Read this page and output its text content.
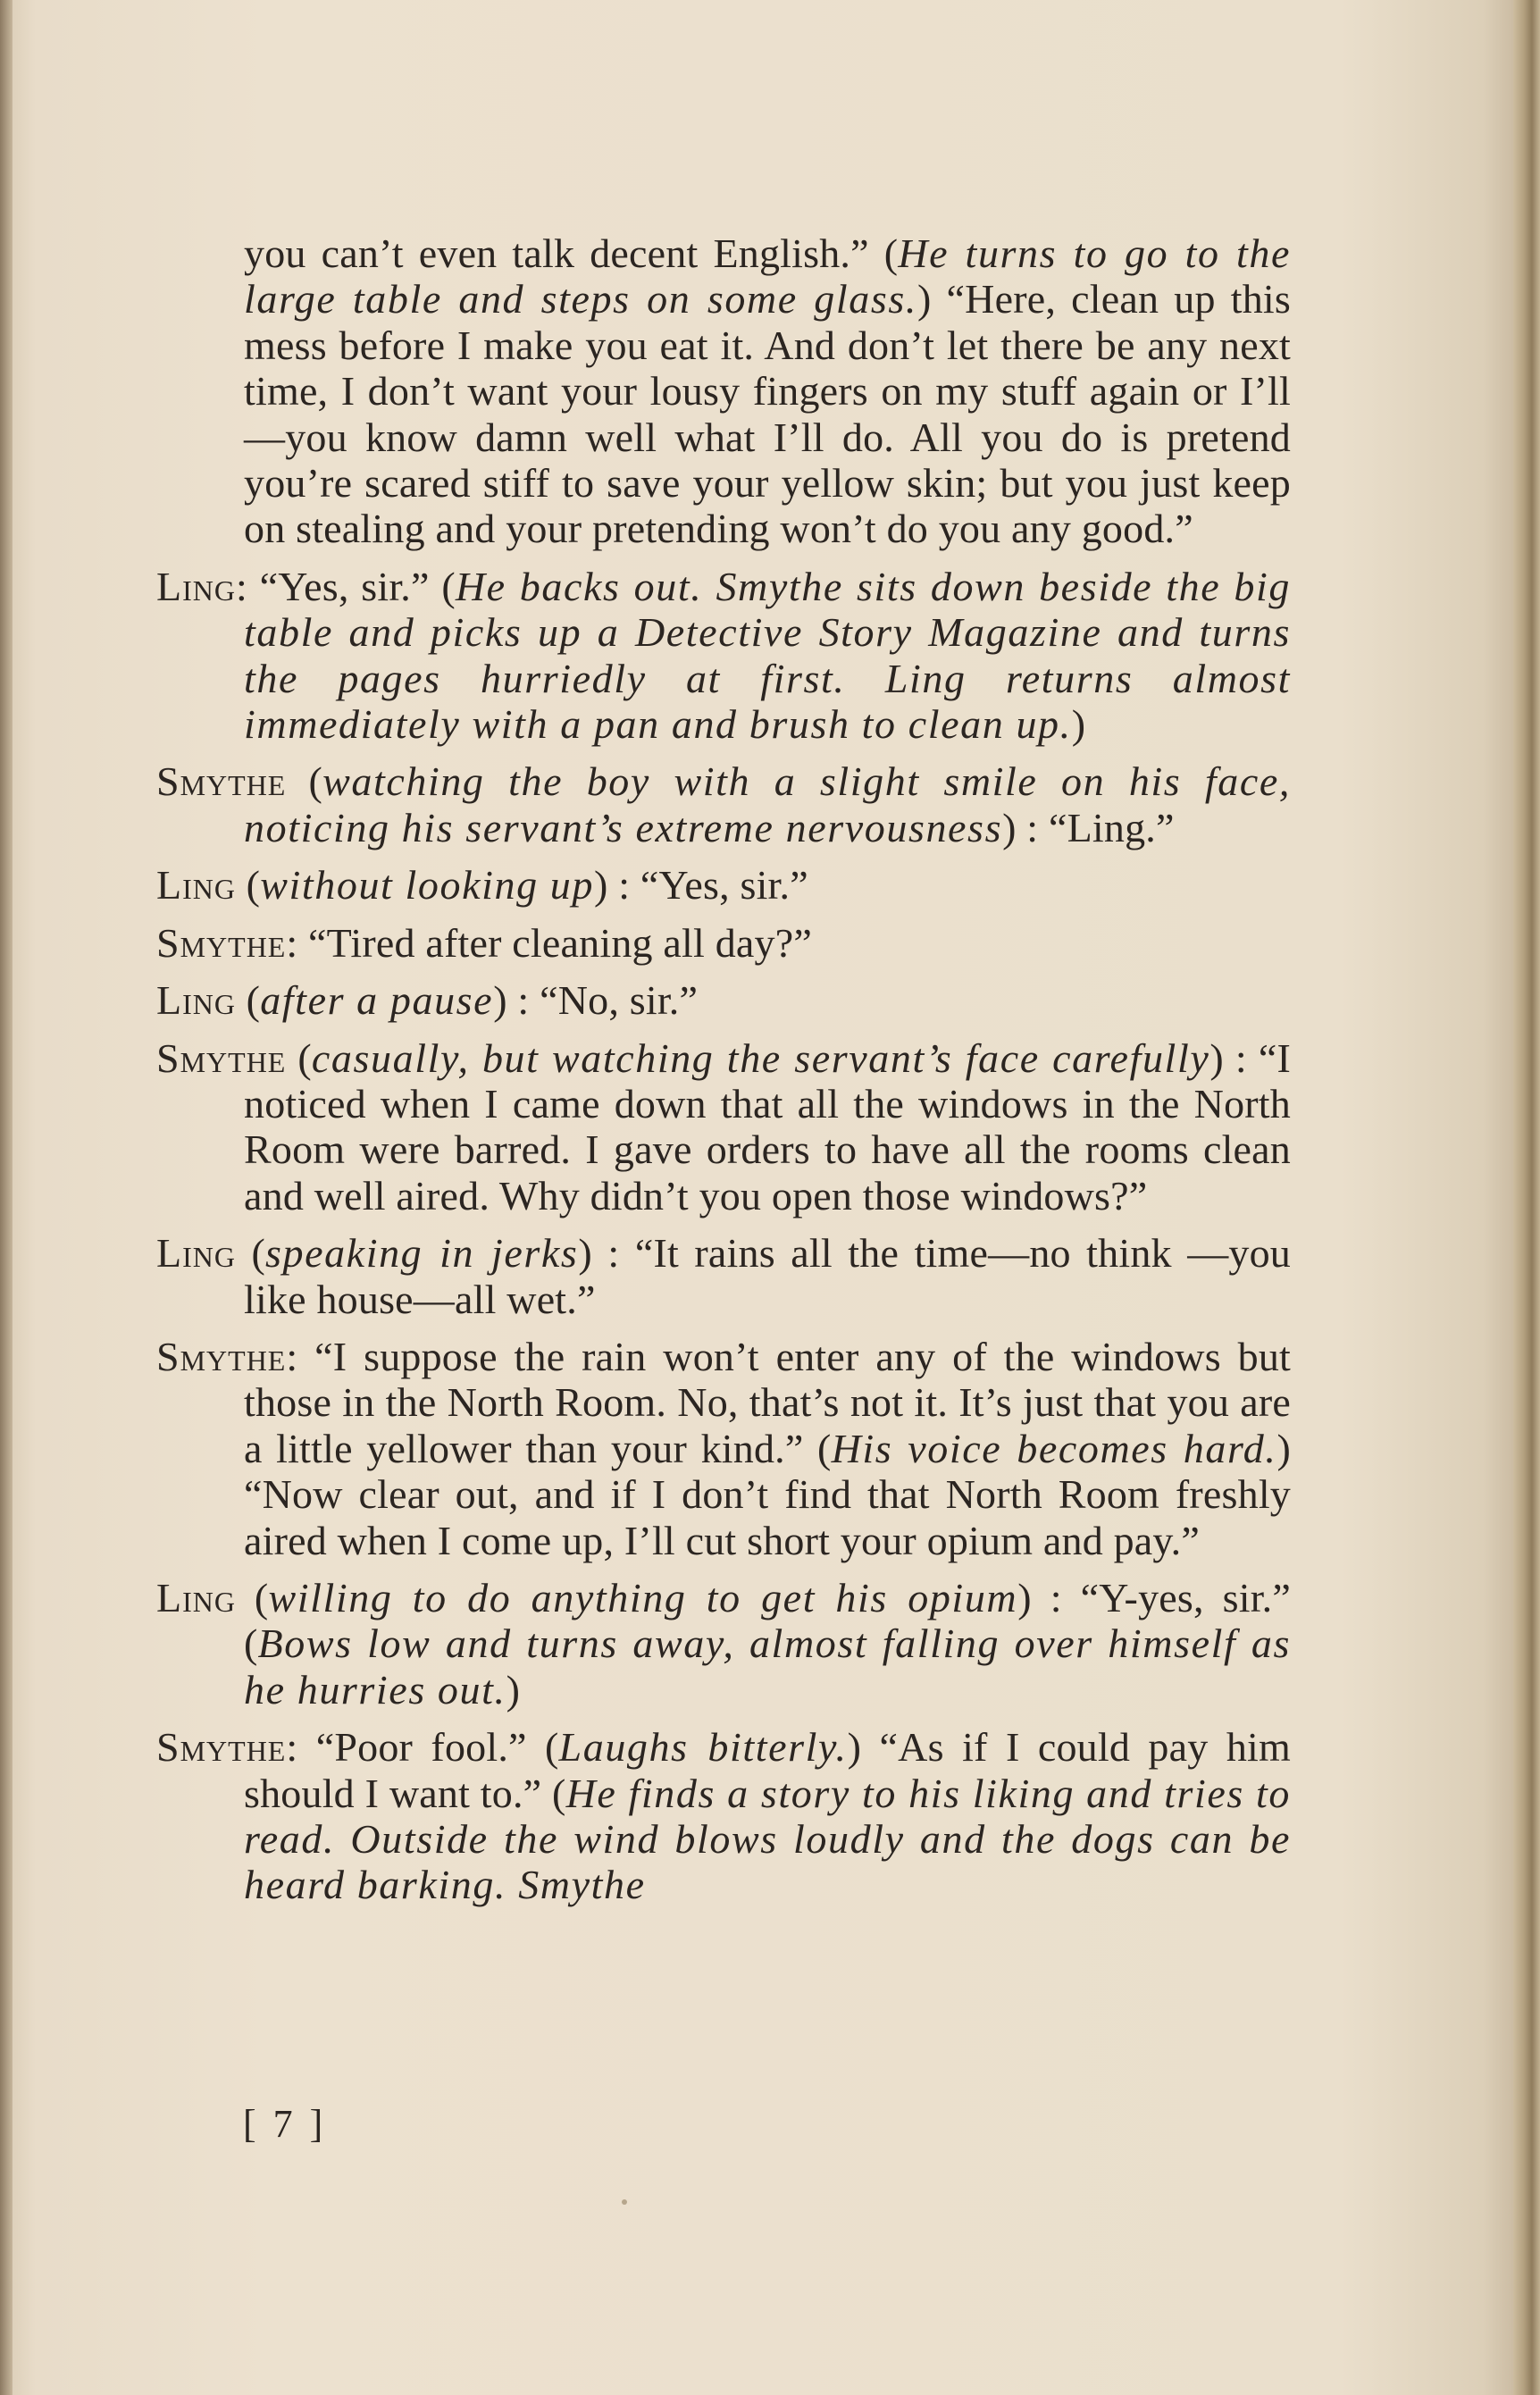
you can’t even talk decent English.” (He turns to go to the large table and steps on some glass.) “Here, clean up this mess before I make you eat it. And don’t let there be any next time, I don’t want your lousy fingers on my stuff again or I’ll—you know damn well what I’ll do. All you do is pretend you’re scared stiff to save your yellow skin; but you just keep on stealing and your pretending won’t do you any good.”

Ling: “Yes, sir.” (He backs out. Smythe sits down beside the big table and picks up a Detective Story Magazine and turns the pages hurriedly at first. Ling returns almost immediately with a pan and brush to clean up.)

Smythe (watching the boy with a slight smile on his face, noticing his servant’s extreme nervousness) : “Ling.”

Ling (without looking up) : “Yes, sir.”

Smythe: “Tired after cleaning all day?”

Ling (after a pause) : “No, sir.”

Smythe (casually, but watching the servant’s face carefully) : “I noticed when I came down that all the windows in the North Room were barred. I gave orders to have all the rooms clean and well aired. Why didn’t you open those windows?”

Ling (speaking in jerks) : “It rains all the time—no think —you like house—all wet.”

Smythe: “I suppose the rain won’t enter any of the windows but those in the North Room. No, that’s not it. It’s just that you are a little yellower than your kind.” (His voice becomes hard.) “Now clear out, and if I don’t find that North Room freshly aired when I come up, I’ll cut short your opium and pay.”

Ling (willing to do anything to get his opium) : “Y-yes, sir.” (Bows low and turns away, almost falling over himself as he hurries out.)

Smythe: “Poor fool.” (Laughs bitterly.) “As if I could pay him should I want to.” (He finds a story to his liking and tries to read. Outside the wind blows loudly and the dogs can be heard barking. Smythe

[ 7 ]
